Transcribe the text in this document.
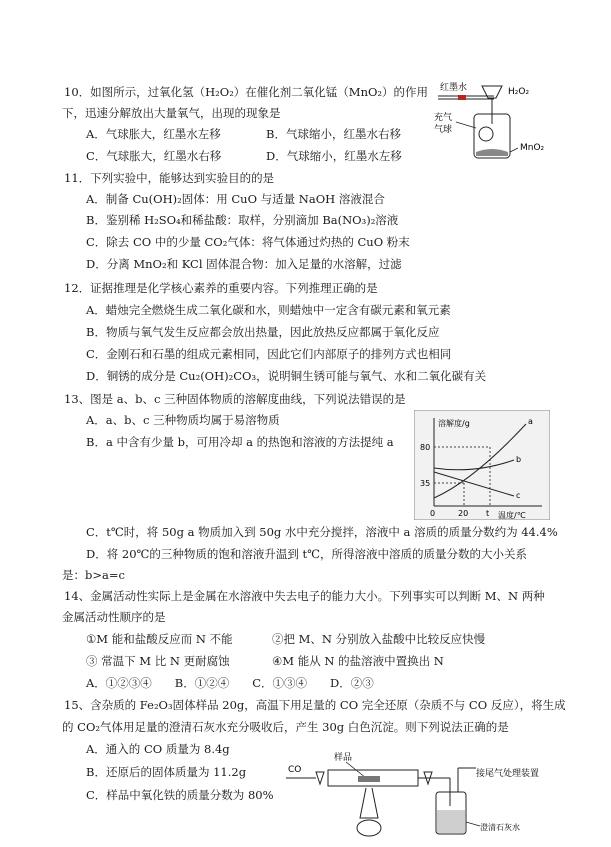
10．如图所示，过氧化氢（H₂O₂）在催化剂二氧化锰（MnO₂）的作用
下，迅速分解放出大量氧气，出现的现象是
A．气球胀大，红墨水左移	B．气球缩小，红墨水右移
C．气球胀大，红墨水右移	D．气球缩小，红墨水左移
红墨水	H₂O₂
充气
气球
MnO₂
11．下列实验中，能够达到实验目的的是
A．制备 Cu(OH)₂固体：用 CuO 与适量 NaOH 溶液混合
B．鉴别稀 H₂SO₄和稀盐酸：取样，分别滴加 Ba(NO₃)₂溶液
C．除去 CO 中的少量 CO₂气体：将气体通过灼热的 CuO 粉末
D．分离 MnO₂和 KCl 固体混合物：加入足量的水溶解，过滤
12．证据推理是化学核心素养的重要内容。下列推理正确的是
A．蜡烛完全燃烧生成二氧化碳和水，则蜡烛中一定含有碳元素和氧元素
B．物质与氧气发生反应都会放出热量，因此放热反应都属于氧化反应
C．金刚石和石墨的组成元素相同，因此它们内部原子的排列方式也相同
D．铜锈的成分是 Cu₂(OH)₂CO₃，说明铜生锈可能与氧气、水和二氧化碳有关
13、图是 a、b、c 三种固体物质的溶解度曲线，下列说法错误的是
A．a、b、c 三种物质均属于易溶物质
B．a 中含有少量 b，可用冷却 a 的热饱和溶液的方法提纯 a
溶解度/g
温度/℃
80
35
0	20 t
a
b
c
C．t℃时，将 50g a 物质加入到 50g 水中充分搅拌，溶液中 a 溶质的质量分数约为 44.4%
D．将 20℃的三种物质的饱和溶液升温到 t℃，所得溶液中溶质的质量分数的大小关系
是：b>a=c
14、金属活动性实际上是金属在水溶液中失去电子的能力大小。下列事实可以判断 M、N 两种
金属活动性顺序的是
①M 能和盐酸反应而 N 不能	②把 M、N 分别放入盐酸中比较反应快慢
③ 常温下 M 比 N 更耐腐蚀	④M 能从 N 的盐溶液中置换出 N
A．①②③④　　B．①②④　　C．①③④　　D．②③
15、含杂质的 Fe₂O₃固体样品 20g，高温下用足量的 CO 完全还原（杂质不与 CO 反应），将生成
的 CO₂气体用足量的澄清石灰水充分吸收后，产生 30g 白色沉淀。则下列说法正确的是
A．通入的 CO 质量为 8.4g
B．还原后的固体质量为 11.2g
C．样品中氧化铁的质量分数为 80%
样品
CO	接尾气处理装置
澄清石灰水
